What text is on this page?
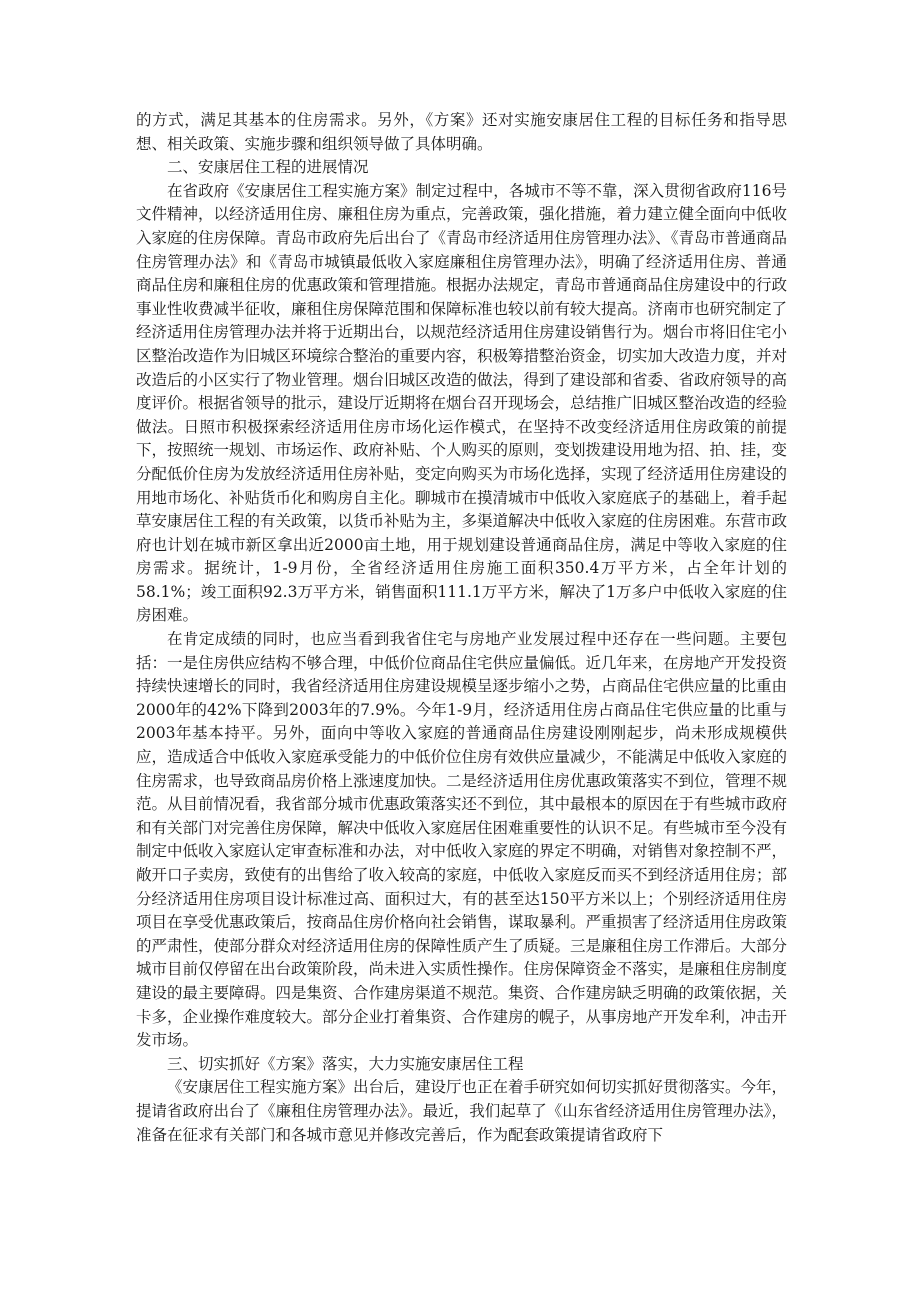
的方式，满足其基本的住房需求。另外，《方案》还对实施安康居住工程的目标任务和指导思想、相关政策、实施步骤和组织领导做了具体明确。

二、安康居住工程的进展情况

在省政府《安康居住工程实施方案》制定过程中，各城市不等不靠，深入贯彻省政府116号文件精神，以经济适用住房、廉租住房为重点，完善政策，强化措施，着力建立健全面向中低收入家庭的住房保障。青岛市政府先后出台了《青岛市经济适用住房管理办法》、《青岛市普通商品住房管理办法》和《青岛市城镇最低收入家庭廉租住房管理办法》，明确了经济适用住房、普通商品住房和廉租住房的优惠政策和管理措施。根据办法规定，青岛市普通商品住房建设中的行政事业性收费减半征收，廉租住房保障范围和保障标准也较以前有较大提高。济南市也研究制定了经济适用住房管理办法并将于近期出台，以规范经济适用住房建设销售行为。烟台市将旧住宅小区整治改造作为旧城区环境综合整治的重要内容，积极筹措整治资金，切实加大改造力度，并对改造后的小区实行了物业管理。烟台旧城区改造的做法，得到了建设部和省委、省政府领导的高度评价。根据省领导的批示，建设厅近期将在烟台召开现场会，总结推广旧城区整治改造的经验做法。日照市积极探索经济适用住房市场化运作模式，在坚持不改变经济适用住房政策的前提下，按照统一规划、市场运作、政府补贴、个人购买的原则，变划拨建设用地为招、拍、挂，变分配低价住房为发放经济适用住房补贴，变定向购买为市场化选择，实现了经济适用住房建设的用地市场化、补贴货币化和购房自主化。聊城市在摸清城市中低收入家庭底子的基础上，着手起草安康居住工程的有关政策，以货币补贴为主，多渠道解决中低收入家庭的住房困难。东营市政府也计划在城市新区拿出近2000亩土地，用于规划建设普通商品住房，满足中等收入家庭的住房需求。据统计，1-9月份，全省经济适用住房施工面积350.4万平方米，占全年计划的58.1%；竣工面积92.3万平方米，销售面积111.1万平方米，解决了1万多户中低收入家庭的住房困难。

在肯定成绩的同时，也应当看到我省住宅与房地产业发展过程中还存在一些问题。主要包括：一是住房供应结构不够合理，中低价位商品住宅供应量偏低。近几年来，在房地产开发投资持续快速增长的同时，我省经济适用住房建设规模呈逐步缩小之势，占商品住宅供应量的比重由2000年的42%下降到2003年的7.9%。今年1-9月，经济适用住房占商品住宅供应量的比重与2003年基本持平。另外，面向中等收入家庭的普通商品住房建设刚刚起步，尚未形成规模供应，造成适合中低收入家庭承受能力的中低价位住房有效供应量减少，不能满足中低收入家庭的住房需求，也导致商品房价格上涨速度加快。二是经济适用住房优惠政策落实不到位，管理不规范。从目前情况看，我省部分城市优惠政策落实还不到位，其中最根本的原因在于有些城市政府和有关部门对完善住房保障，解决中低收入家庭居住困难重要性的认识不足。有些城市至今没有制定中低收入家庭认定审查标准和办法，对中低收入家庭的界定不明确，对销售对象控制不严，敞开口子卖房，致使有的出售给了收入较高的家庭，中低收入家庭反而买不到经济适用住房；部分经济适用住房项目设计标准过高、面积过大，有的甚至达150平方米以上；个别经济适用住房项目在享受优惠政策后，按商品住房价格向社会销售，谋取暴利。严重损害了经济适用住房政策的严肃性，使部分群众对经济适用住房的保障性质产生了质疑。三是廉租住房工作滞后。大部分城市目前仅停留在出台政策阶段，尚未进入实质性操作。住房保障资金不落实，是廉租住房制度建设的最主要障碍。四是集资、合作建房渠道不规范。集资、合作建房缺乏明确的政策依据，关卡多，企业操作难度较大。部分企业打着集资、合作建房的幌子，从事房地产开发牟利，冲击开发市场。

三、切实抓好《方案》落实，大力实施安康居住工程

《安康居住工程实施方案》出台后，建设厅也正在着手研究如何切实抓好贯彻落实。今年，提请省政府出台了《廉租住房管理办法》。最近，我们起草了《山东省经济适用住房管理办法》，准备在征求有关部门和各城市意见并修改完善后，作为配套政策提请省政府下
